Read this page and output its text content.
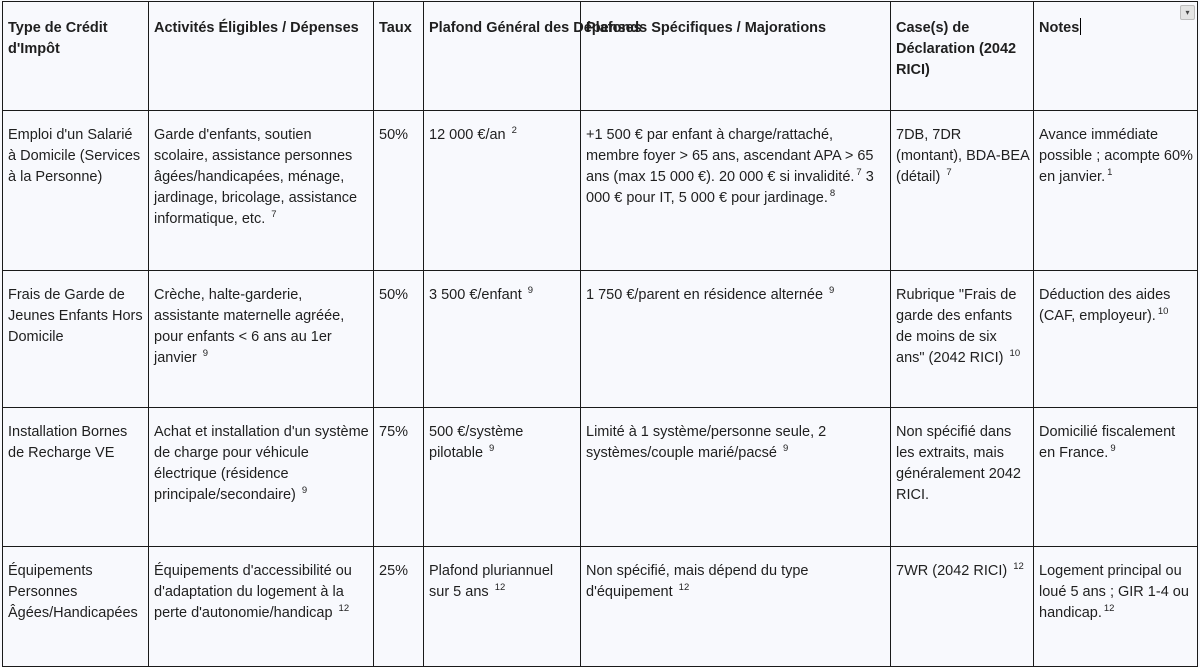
Type de Crédit d'Impôt	Activités Éligibles / Dépenses	Taux	Plafond Général des Dépenses	Plafonds Spécifiques / Majorations	Case(s) de Déclaration (2042 RICI)	Notes
▾

Emploi d'un Salarié à Domicile (Services à la Personne)	Garde d'enfants, soutien scolaire, assistance personnes âgées/handicapées, ménage, jardinage, bricolage, assistance informatique, etc. $^7$	50%	12 000 €/an $^2$	+1 500 € par enfant à charge/rattaché, membre foyer > 65 ans, ascendant APA > 65 ans (max 15 000 €). 20 000 € si invalidité. $^7$ 3 000 € pour IT, 5 000 € pour jardinage. $^8$	7DB, 7DR (montant), BDA-BEA (détail) $^7$	Avance immédiate possible ; acompte 60% en janvier. $^1$
Frais de Garde de Jeunes Enfants Hors Domicile	Crèche, halte-garderie, assistante maternelle agréée, pour enfants < 6 ans au 1er janvier $^9$	50%	3 500 €/enfant $^9$	1 750 €/parent en résidence alternée $^9$	Rubrique "Frais de garde des enfants de moins de six ans" (2042 RICI) $^{10}$	Déduction des aides (CAF, employeur). $^{10}$
Installation Bornes de Recharge VE	Achat et installation d'un système de charge pour véhicule électrique (résidence principale/secondaire) $^9$	75%	500 €/système pilotable $^9$	Limité à 1 système/personne seule, 2 systèmes/couple marié/pacsé $^9$	Non spécifié dans les extraits, mais généralement 2042 RICI.	Domicilié fiscalement en France. $^9$
Équipements Personnes Âgées/Handicapées	Équipements d'accessibilité ou d'adaptation du logement à la perte d'autonomie/handicap $^{12}$	25%	Plafond pluriannuel sur 5 ans $^{12}$	Non spécifié, mais dépend du type d'équipement $^{12}$	7WR (2042 RICI) $^{12}$	Logement principal ou loué 5 ans ; GIR 1-4 ou handicap. $^{12}$
